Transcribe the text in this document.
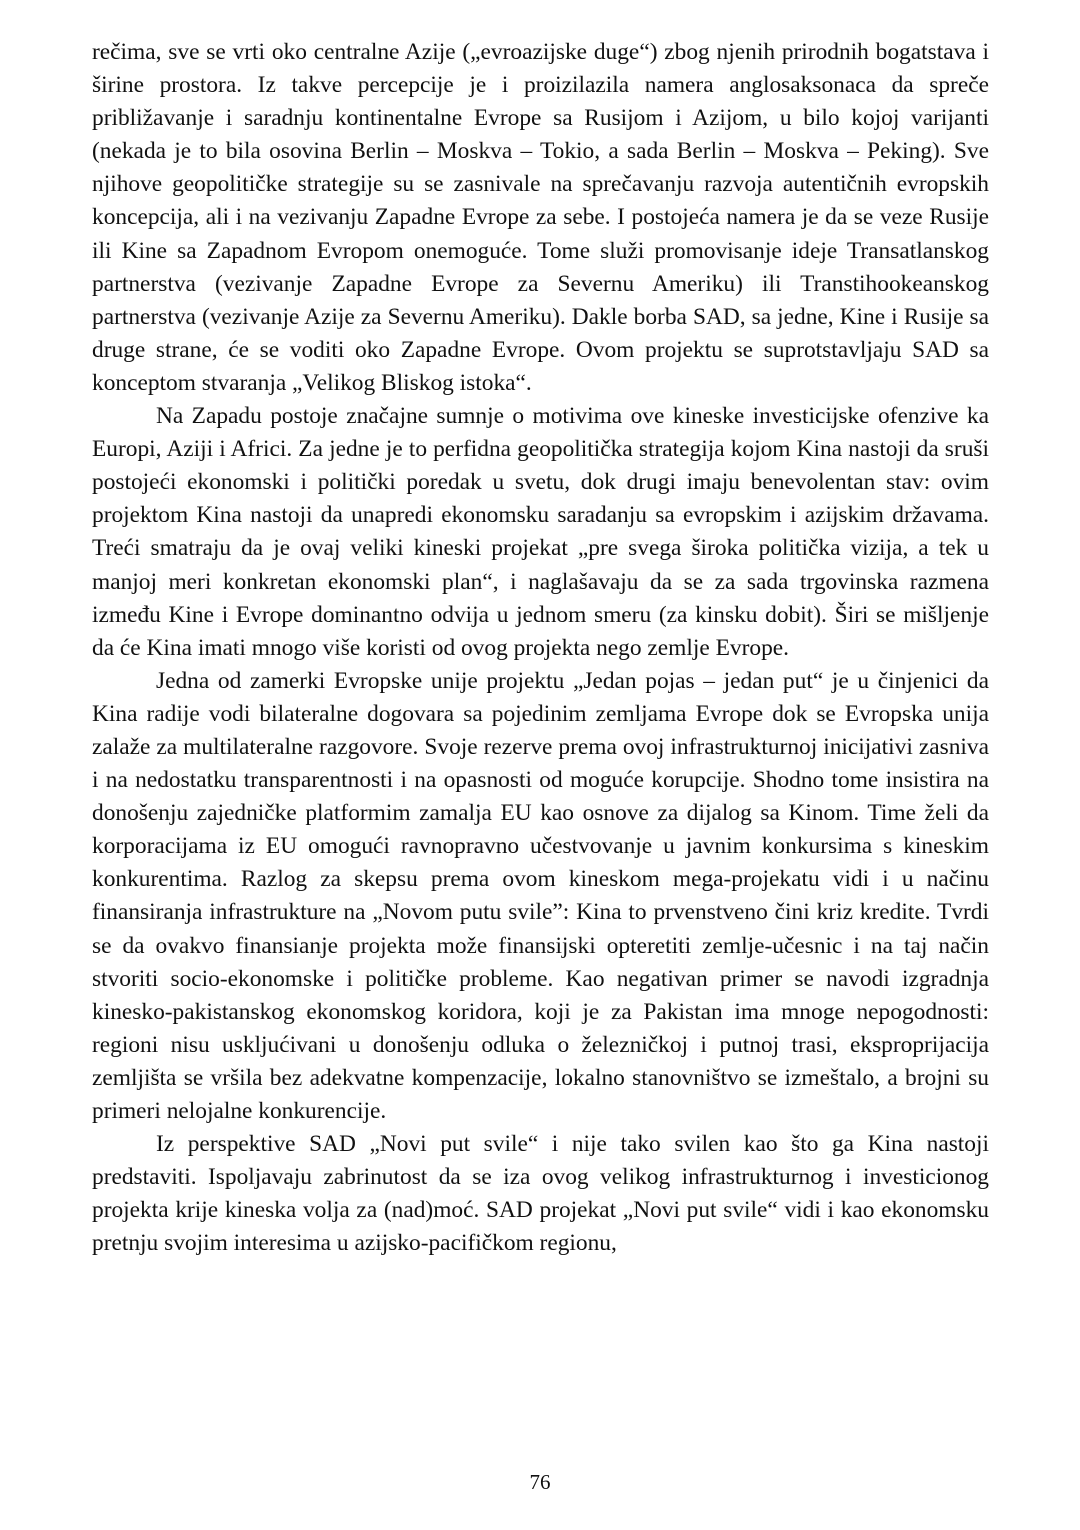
rečima, sve se vrti oko centralne Azije („evroazijske duge“) zbog njenih prirodnih bogatstava i širine prostora. Iz takve percepcije je i proizilazila namera anglosaksonaca da spreče približavanje i saradnju kontinentalne Evrope sa Rusijom i Azijom, u bilo kojoj varijanti (nekada je to bila osovina Berlin – Moskva – Tokio, a sada Berlin – Moskva – Peking). Sve njihove geopolitičke strategije su se zasnivale na sprečavanju razvoja autentičnih evropskih koncepcija, ali i na vezivanju Zapadne Evrope za sebe. I postojeća namera je da se veze Rusije ili Kine sa Zapadnom Evropom onemoguće. Tome služi promovisanje ideje Transatlanskog partnerstva (vezivanje Zapadne Evrope za Severnu Ameriku) ili Transtihookeanskog partnerstva (vezivanje Azije za Severnu Ameriku). Dakle borba SAD, sa jedne, Kine i Rusije sa druge strane, će se voditi oko Zapadne Evrope. Ovom projektu se suprotstavljaju SAD sa konceptom stvaranja „Velikog Bliskog istoka“.

Na Zapadu postoje značajne sumnje o motivima ove kineske investicijske ofenzive ka Europi, Aziji i Africi. Za jedne je to perfidna geopolitička strategija kojom Kina nastoji da sruši postojeći ekonomski i politički poredak u svetu, dok drugi imaju benevolentan stav: ovim projektom Kina nastoji da unapredi ekonomsku saradanju sa evropskim i azijskim državama. Treći smatraju da je ovaj veliki kineski projekat „pre svega široka politička vizija, a tek u manjoj meri konkretan ekonomski plan“, i naglašavaju da se za sada trgovinska razmena između Kine i Evrope dominantno odvija u jednom smeru (za kinsku dobit). Širi se mišljenje da će Kina imati mnogo više koristi od ovog projekta nego zemlje Evrope.

Jedna od zamerki Evropske unije projektu „Jedan pojas – jedan put“ je u činjenici da Kina radije vodi bilateralne dogovara sa pojedinim zemljama Evrope dok se Evropska unija zalaže za multilateralne razgovore. Svoje rezerve prema ovoj infrastrukturnoj inicijativi zasniva i na nedostatku transparentnosti i na opasnosti od moguće korupcije. Shodno tome insistira na donošenju zajedničke platformim zamalja EU kao osnove za dijalog sa Kinom. Time želi da korporacijama iz EU omogući ravnopravno učestvovanje u javnim konkursima s kineskim konkurentima. Razlog za skepsu prema ovom kineskom mega-projekatu vidi i u načinu finansiranja infrastrukture na „Novom putu svile”: Kina to prvenstveno čini kriz kredite. Tvrdi se da ovakvo finansianje projekta može finansijski opteretiti zemlje-učesnic i na taj način stvoriti socio-ekonomske i političke probleme. Kao negativan primer se navodi izgradnja kinesko-pakistanskog ekonomskog koridora, koji je za Pakistan ima mnoge nepogodnosti: regioni nisu uskljućivani u donošenju odluka o železničkoj i putnoj trasi, eksproprijacija zemljišta se vršila bez adekvatne kompenzacije, lokalno stanovništvo se izmeštalo, a brojni su primeri nelojalne konkurencije.

Iz perspektive SAD „Novi put svile“ i nije tako svilen kao što ga Kina nastoji predstaviti. Ispoljavaju zabrinutost da se iza ovog velikog infrastrukturnog i investicionog projekta krije kineska volja za (nad)moć. SAD projekat „Novi put svile“ vidi i kao ekonomsku pretnju svojim interesima u azijsko-pacifičkom regionu,

76
